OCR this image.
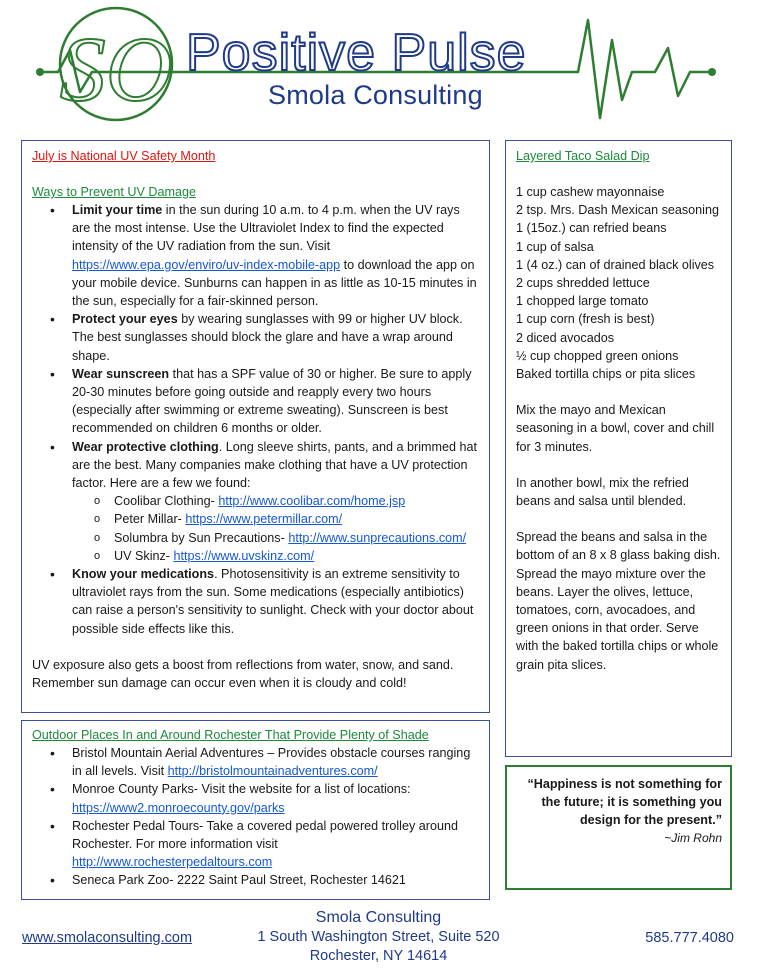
SO Positive Pulse
Smola Consulting
July is National UV Safety Month
Ways to Prevent UV Damage
• Limit your time in the sun during 10 a.m. to 4 p.m. when the UV rays are the most intense. Use the Ultraviolet Index to find the expected intensity of the UV radiation from the sun. Visit https://www.epa.gov/enviro/uv-index-mobile-app to download the app on your mobile device. Sunburns can happen in as little as 10-15 minutes in the sun, especially for a fair-skinned person.
• Protect your eyes by wearing sunglasses with 99 or higher UV block. The best sunglasses should block the glare and have a wrap around shape.
• Wear sunscreen that has a SPF value of 30 or higher. Be sure to apply 20-30 minutes before going outside and reapply every two hours (especially after swimming or extreme sweating). Sunscreen is best recommended on children 6 months or older.
• Wear protective clothing. Long sleeve shirts, pants, and a brimmed hat are the best. Many companies make clothing that have a UV protection factor. Here are a few we found:
o Coolibar Clothing- http://www.coolibar.com/home.jsp
o Peter Millar- https://www.petermillar.com/
o Solumbra by Sun Precautions- http://www.sunprecautions.com/
o UV Skinz- https://www.uvskinz.com/
• Know your medications. Photosensitivity is an extreme sensitivity to ultraviolet rays from the sun. Some medications (especially antibiotics) can raise a person's sensitivity to sunlight. Check with your doctor about possible side effects like this.
UV exposure also gets a boost from reflections from water, snow, and sand. Remember sun damage can occur even when it is cloudy and cold!
Outdoor Places In and Around Rochester That Provide Plenty of Shade
• Bristol Mountain Aerial Adventures – Provides obstacle courses ranging in all levels. Visit http://bristolmountainadventures.com/
• Monroe County Parks- Visit the website for a list of locations: https://www2.monroecounty.gov/parks
• Rochester Pedal Tours- Take a covered pedal powered trolley around Rochester. For more information visit http://www.rochesterpedaltours.com
• Seneca Park Zoo- 2222 Saint Paul Street, Rochester 14621
Layered Taco Salad Dip
1 cup cashew mayonnaise
2 tsp. Mrs. Dash Mexican seasoning
1 (15oz.) can refried beans
1 cup of salsa
1 (4 oz.) can of drained black olives
2 cups shredded lettuce
1 chopped large tomato
1 cup corn (fresh is best)
2 diced avocados
½ cup chopped green onions
Baked tortilla chips or pita slices
Mix the mayo and Mexican seasoning in a bowl, cover and chill for 3 minutes.
In another bowl, mix the refried beans and salsa until blended.
Spread the beans and salsa in the bottom of an 8 x 8 glass baking dish. Spread the mayo mixture over the beans. Layer the olives, lettuce, tomatoes, corn, avocadoes, and green onions in that order. Serve with the baked tortilla chips or whole grain pita slices.
“Happiness is not something for the future; it is something you design for the present.”
~Jim Rohn
Smola Consulting
1 South Washington Street, Suite 520
Rochester, NY 14614
www.smolaconsulting.com	585.777.4080
